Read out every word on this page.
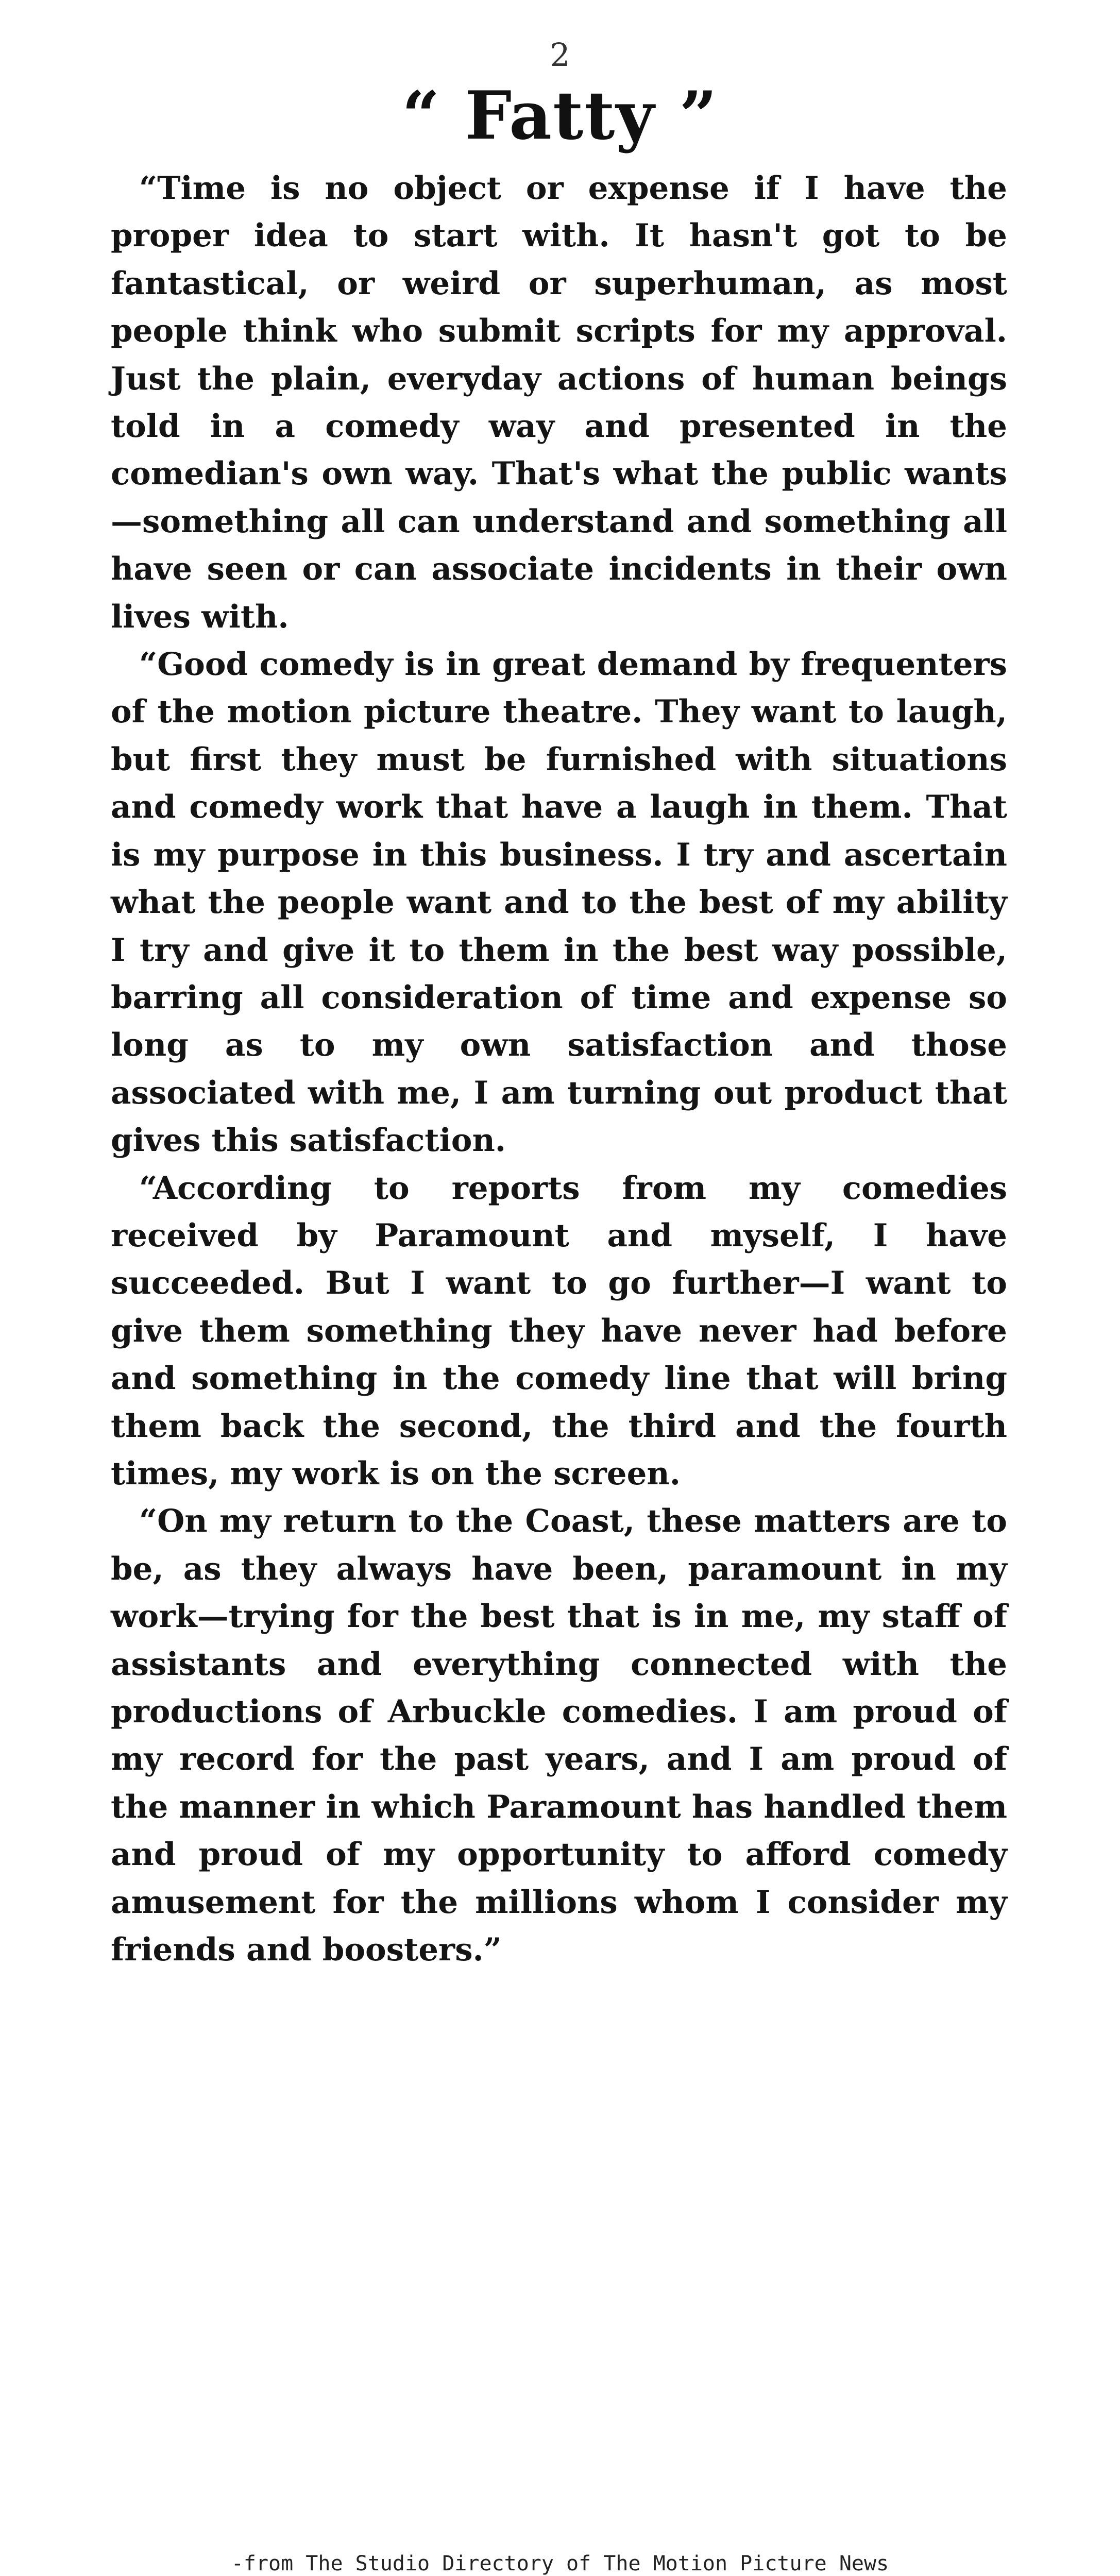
2
“ Fatty ”

“Time is no object or expense if I have the proper idea to start with. It hasn't got to be fantastical, or weird or superhuman, as most people think who submit scripts for my approval. Just the plain, everyday actions of human beings told in a comedy way and presented in the comedian's own way. That's what the public wants—something all can understand and something all have seen or can associate incidents in their own lives with.

“Good comedy is in great demand by frequenters of the motion picture theatre. They want to laugh, but first they must be furnished with situations and comedy work that have a laugh in them. That is my purpose in this business. I try and ascertain what the people want and to the best of my ability I try and give it to them in the best way possible, barring all consideration of time and expense so long as to my own satisfaction and those associated with me, I am turning out product that gives this satisfaction.

“According to reports from my comedies received by Paramount and myself, I have succeeded. But I want to go further—I want to give them something they have never had before and something in the comedy line that will bring them back the second, the third and the fourth times, my work is on the screen.

“On my return to the Coast, these matters are to be, as they always have been, paramount in my work—trying for the best that is in me, my staff of assistants and everything connected with the productions of Arbuckle comedies. I am proud of my record for the past years, and I am proud of the manner in which Paramount has handled them and proud of my opportunity to afford comedy amusement for the millions whom I consider my friends and boosters.”

-from The Studio Directory of The Motion Picture News
